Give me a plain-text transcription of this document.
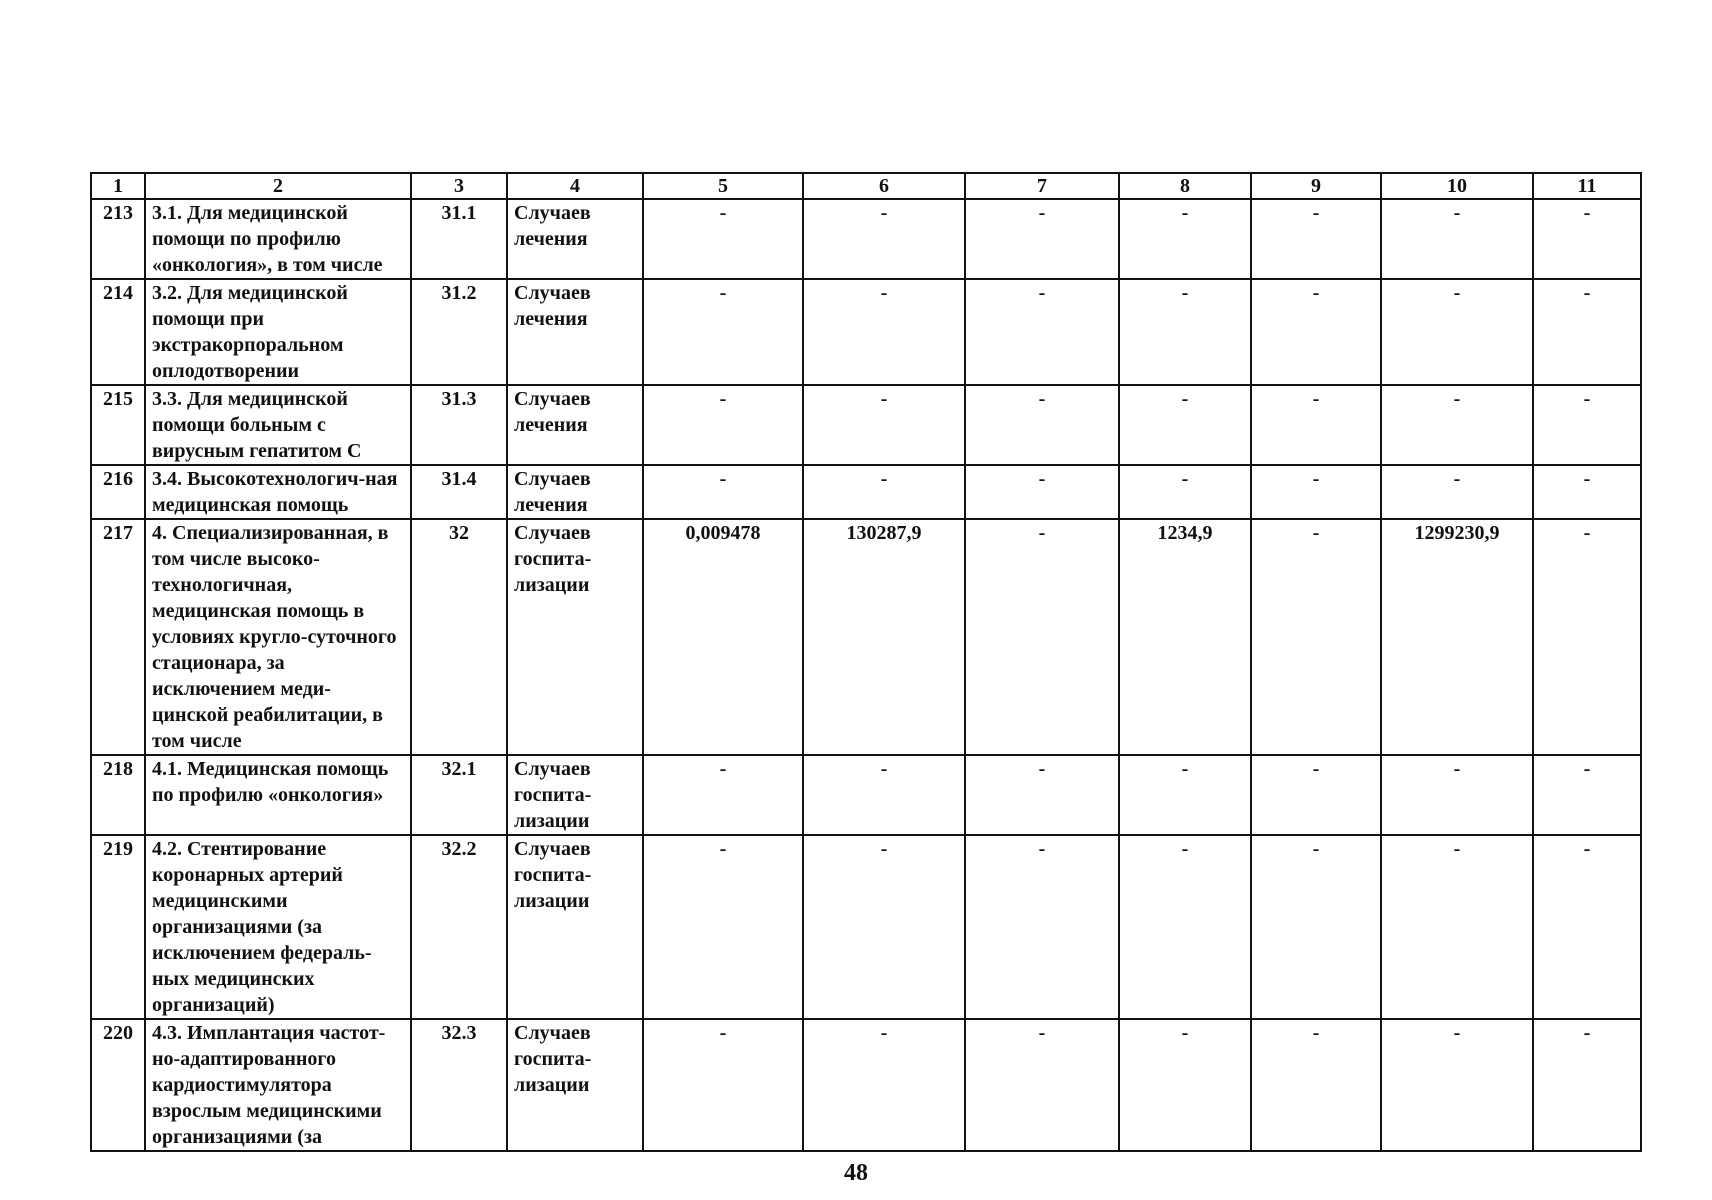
1	2	3	4	5	6	7	8	9	10	11
213	3.1. Для медицинской помощи по профилю «онкология», в том числе	31.1	Случаев лечения	-	-	-	-	-	-	-
214	3.2. Для медицинской помощи при экстракорпоральном оплодотворении	31.2	Случаев лечения	-	-	-	-	-	-	-
215	3.3. Для медицинской помощи больным с вирусным гепатитом С	31.3	Случаев лечения	-	-	-	-	-	-	-
216	3.4. Высокотехнологич-ная медицинская помощь	31.4	Случаев лечения	-	-	-	-	-	-	-
217	4. Специализированная, в том числе высоко-технологичная, медицинская помощь в условиях кругло-суточного стационара, за исключением меди-цинской реабилитации, в том числе	32	Случаев госпита-лизации	0,009478	130287,9	-	1234,9	-	1299230,9	-
218	4.1. Медицинская помощь по профилю «онкология»	32.1	Случаев госпита-лизации	-	-	-	-	-	-	-
219	4.2. Стентирование коронарных артерий медицинскими организациями (за исключением федераль-ных медицинских организаций)	32.2	Случаев госпита-лизации	-	-	-	-	-	-	-
220	4.3. Имплантация частот-но-адаптированного кардиостимулятора взрослым медицинскими организациями (за	32.3	Случаев госпита-лизации	-	-	-	-	-	-	-
48
